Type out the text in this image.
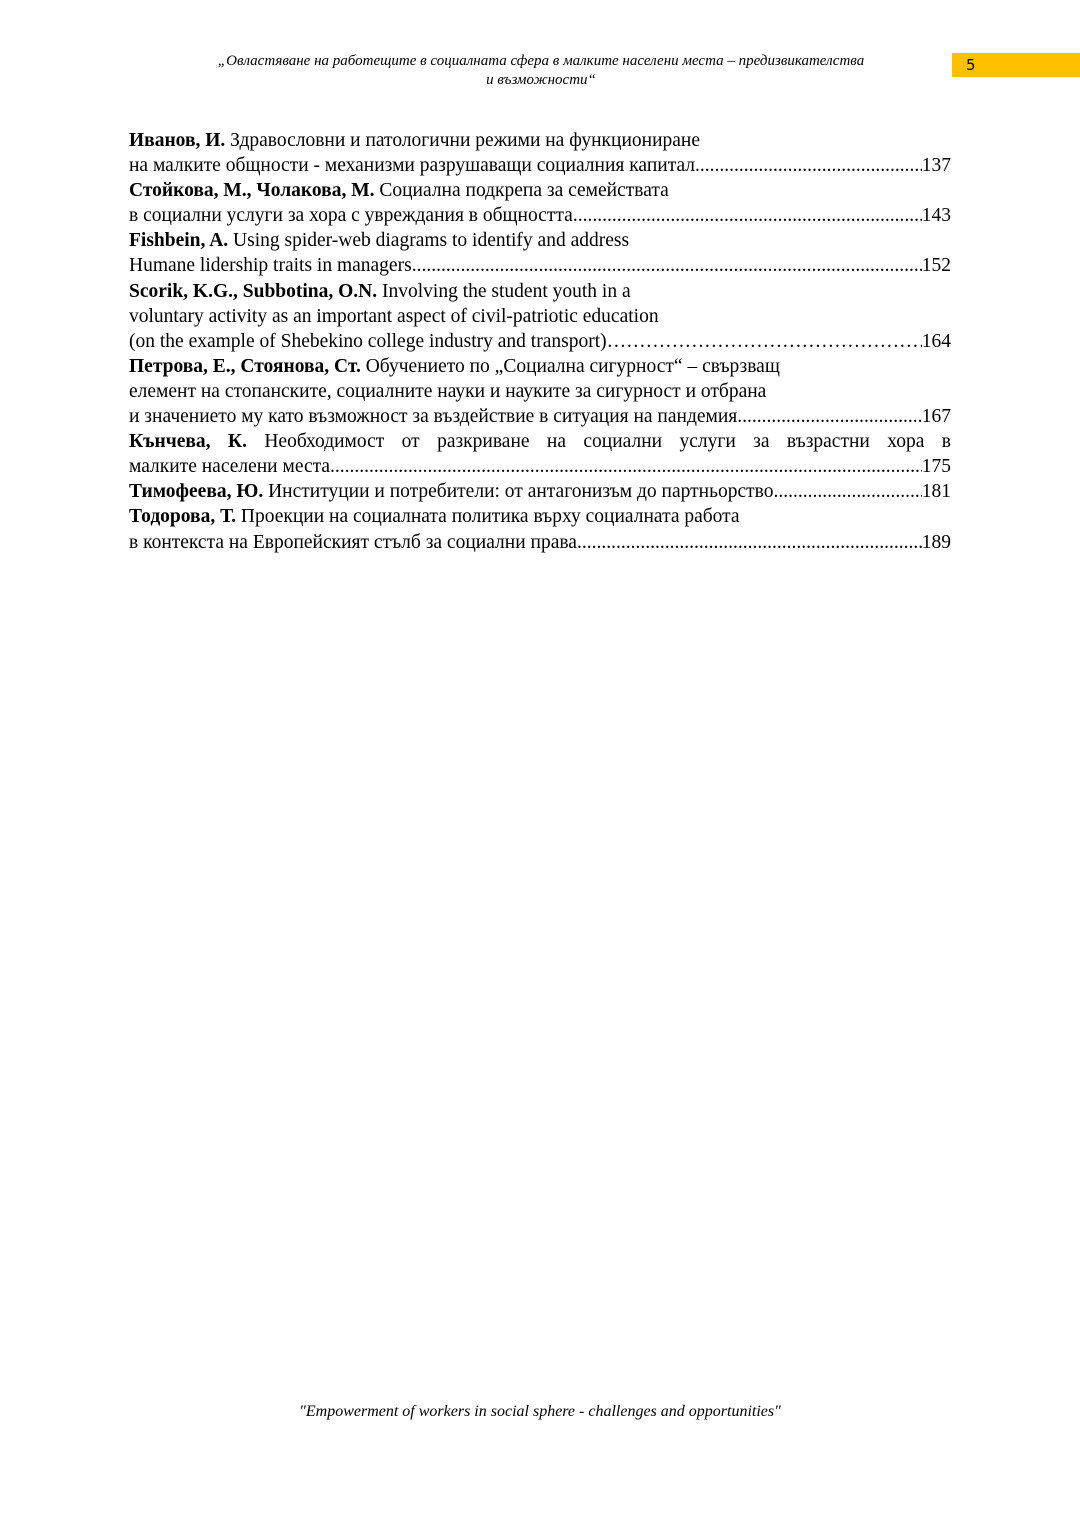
„Овластяване на работещите в социалната сфера в малките населени места – предизвикателства
и възможности“
5
Иванов, И. Здравословни и патологични режими на функциониране
на малките общности - механизми разрушаващи социалния капитал .....	137
Стойкова, М., Чолакова, М. Социална подкрепа за семействата
в социални услуги за хора с увреждания в общността .....	143
Fishbein, A. Using spider-web diagrams to identify and address
Humane lidership traits in managers .....	152
Scorik, K.G., Subbotina, O.N. Involving the student youth in a
voluntary activity as an important aspect of civil-patriotic education
(on the example of Shebekino college industry and transport) ………………………………………………………………………………………………………………………………	164
Петрова, Е., Стоянова, Ст. Обучението по „Социална сигурност“ – свързващ
елемент на стопанските, социалните науки и науките за сигурност и отбрана
и значението му като възможност за въздействие в ситуация на пандемия .....	167
Кънчева, К. Необходимост от разкриване на социални услуги за възрастни хора в
малките населени места .....	175
Тимофеева, Ю. Институции и потребители: от антагонизъм до партньорство .....	181
Тодорова, Т. Проекции на социалната политика върху социалната работа
в контекста на Европейският стълб за социални права .....	189
"Empowerment of workers in social sphere - challenges and opportunities"
